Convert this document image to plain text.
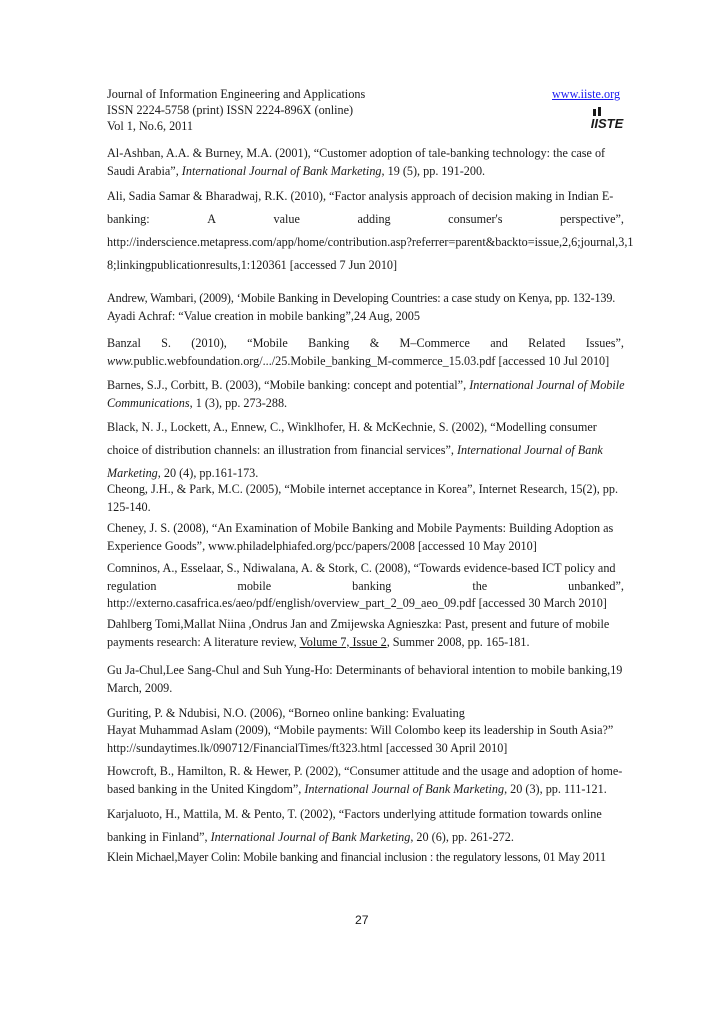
Journal of Information Engineering and Applications
ISSN 2224-5758 (print) ISSN 2224-896X (online)
Vol 1, No.6, 2011
www.iiste.org
IISTE
Al-Ashban, A.A. & Burney, M.A. (2001), “Customer adoption of tale-banking technology: the case of
Saudi Arabia”, International Journal of Bank Marketing, 19 (5), pp. 191-200.
Ali, Sadia Samar & Bharadwaj, R.K. (2010), “Factor analysis approach of decision making in Indian E-
banking:	A	value	adding	consumer's	perspective”,
http://inderscience.metapress.com/app/home/contribution.asp?referrer=parent&backto=issue,2,6;journal,3,1
8;linkingpublicationresults,1:120361 [accessed 7 Jun 2010]
Andrew, Wambari, (2009), ‘Mobile Banking in Developing Countries: a case study on Kenya, pp. 132-139.
Ayadi Achraf: “Value creation in mobile banking”,24 Aug, 2005
Banzal S. (2010), “Mobile Banking & M–Commerce and Related Issues”,
www.public.webfoundation.org/.../25.Mobile_banking_M-commerce_15.03.pdf [accessed 10 Jul 2010]
Barnes, S.J., Corbitt, B. (2003), “Mobile banking: concept and potential”, International Journal of Mobile
Communications, 1 (3), pp. 273-288.
Black, N. J., Lockett, A., Ennew, C., Winklhofer, H. & McKechnie, S. (2002), “Modelling consumer
choice of distribution channels: an illustration from financial services”, International Journal of Bank
Marketing, 20 (4), pp.161-173.
Cheong, J.H., & Park, M.C. (2005), “Mobile internet acceptance in Korea”, Internet Research, 15(2), pp.
125-140.
Cheney, J. S. (2008), “An Examination of Mobile Banking and Mobile Payments: Building Adoption as
Experience Goods”, www.philadelphiafed.org/pcc/papers/2008 [accessed 10 May 2010]
Comninos, A., Esselaar, S., Ndiwalana, A. & Stork, C. (2008), “Towards evidence-based ICT policy and
regulation	mobile	banking	the	unbanked”,
http://externo.casafrica.es/aeo/pdf/english/overview_part_2_09_aeo_09.pdf [accessed 30 March 2010]
Dahlberg Tomi,Mallat Niina ,Ondrus Jan and Zmijewska Agnieszka: Past, present and future of mobile
payments research: A literature review, Volume 7, Issue 2, Summer 2008, pp. 165-181.
Gu Ja-Chul,Lee Sang-Chul and Suh Yung-Ho: Determinants of behavioral intention to mobile banking,19
March, 2009.
Guriting, P. & Ndubisi, N.O. (2006), “Borneo online banking: Evaluating
Hayat Muhammad Aslam (2009), “Mobile payments: Will Colombo keep its leadership in South Asia?”
http://sundaytimes.lk/090712/FinancialTimes/ft323.html [accessed 30 April 2010]
Howcroft, B., Hamilton, R. & Hewer, P. (2002), “Consumer attitude and the usage and adoption of home-
based banking in the United Kingdom”, International Journal of Bank Marketing, 20 (3), pp. 111-121.
Karjaluoto, H., Mattila, M. & Pento, T. (2002), “Factors underlying attitude formation towards online
banking in Finland”, International Journal of Bank Marketing, 20 (6), pp. 261-272.
Klein Michael,Mayer Colin: Mobile banking and financial inclusion : the regulatory lessons, 01 May 2011
27
